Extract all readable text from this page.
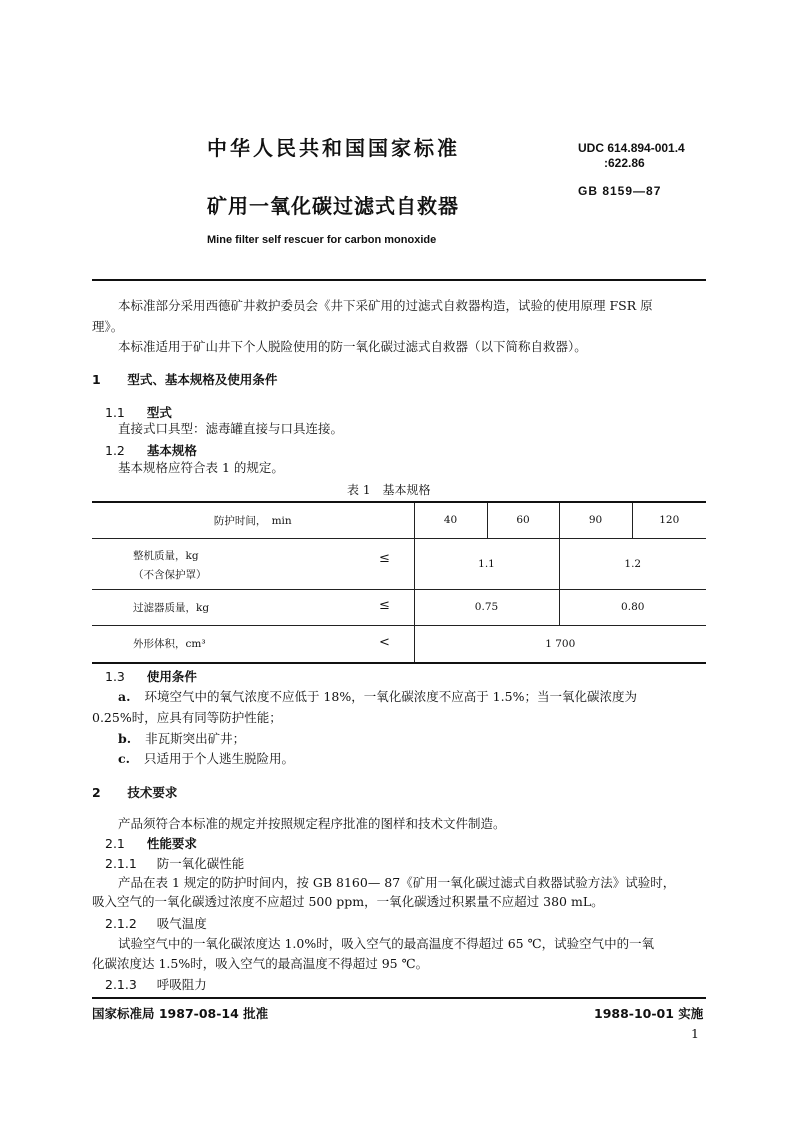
中华人民共和国国家标准	UDC 614.894-001.4
:622.86
GB 8159—87
矿用一氧化碳过滤式自救器
Mine filter self rescuer for carbon monoxide
本标准部分采用西德矿井救护委员会《井下采矿用的过滤式自救器构造，试验的使用原理 FSR 原
理》。
本标准适用于矿山井下个人脱险使用的防一氧化碳过滤式自救器（以下简称自救器）。
1 型式、基本规格及使用条件
1.1 型式
直接式口具型：滤毒罐直接与口具连接。
1.2 基本规格
基本规格应符合表 1 的规定。
表 1　基本规格
防护时间，　min	40	60	90	120

整机质量，kg
（不含保护罩）
≤	1.1		1.2	

过滤器质量，kg ≤	0.75		0.80	

外形体积，cm³ <	1 700			
1.3 使用条件
a. 环境空气中的氧气浓度不应低于 18%，一氧化碳浓度不应高于 1.5%；当一氧化碳浓度为
0.25%时，应具有同等防护性能；
b. 非瓦斯突出矿井；
c. 只适用于个人逃生脱险用。
2 技术要求
产品须符合本标准的规定并按照规定程序批准的图样和技术文件制造。
2.1 性能要求
2.1.1 防一氧化碳性能
产品在表 1 规定的防护时间内，按 GB 8160— 87《矿用一氧化碳过滤式自救器试验方法》试验时，
吸入空气的一氧化碳透过浓度不应超过 500 ppm，一氧化碳透过积累量不应超过 380 mL。
2.1.2 吸气温度
试验空气中的一氧化碳浓度达 1.0%时，吸入空气的最高温度不得超过 65 ℃，试验空气中的一氧
化碳浓度达 1.5%时，吸入空气的最高温度不得超过 95 ℃。
2.1.3 呼吸阻力
国家标准局 1987-08-14 批准	1988-10-01 实施
1
